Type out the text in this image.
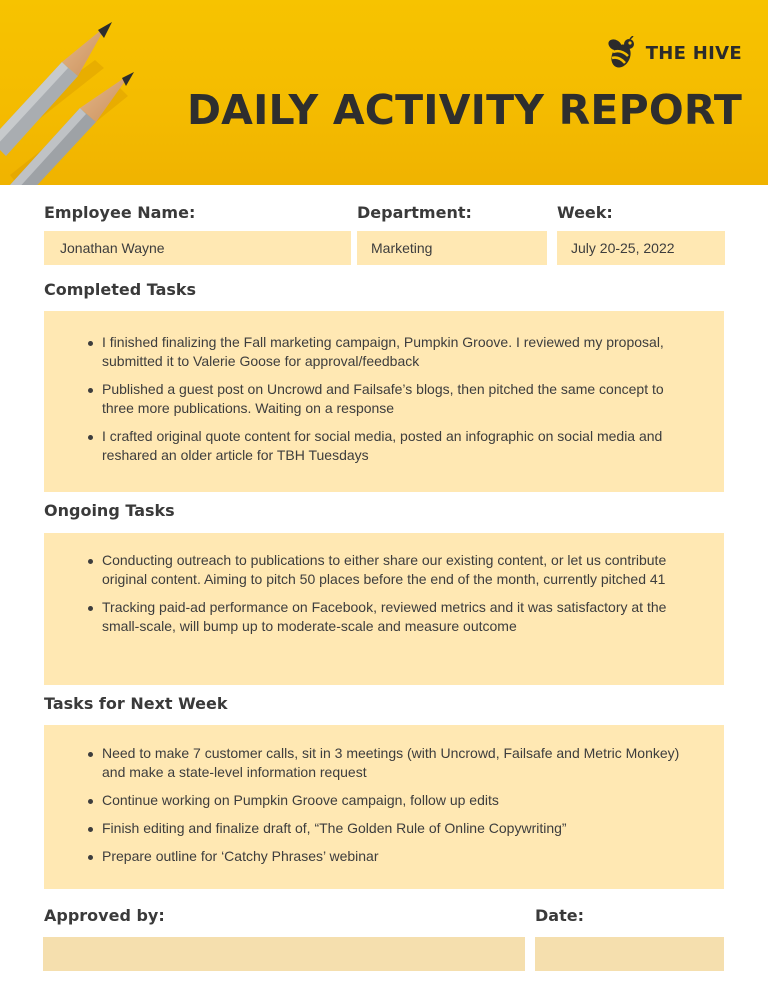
THE HIVE
DAILY ACTIVITY REPORT
Employee Name:	Department:	Week:
Jonathan Wayne	Marketing	July 20-25, 2022
Completed Tasks
I finished finalizing the Fall marketing campaign, Pumpkin Groove. I reviewed my proposal, submitted it to Valerie Goose for approval/feedback
Published a guest post on Uncrowd and Failsafe’s blogs, then pitched the same concept to three more publications. Waiting on a response
I crafted original quote content for social media, posted an infographic on social media and reshared an older article for TBH Tuesdays
Ongoing Tasks
Conducting outreach to publications to either share our existing content, or let us contribute original content. Aiming to pitch 50 places before the end of the month, currently pitched 41
Tracking paid-ad performance on Facebook, reviewed metrics and it was satisfactory at the small-scale, will bump up to moderate-scale and measure outcome
Tasks for Next Week
Need to make 7 customer calls, sit in 3 meetings (with Uncrowd, Failsafe and Metric Monkey) and make a state-level information request
Continue working on Pumpkin Groove campaign, follow up edits
Finish editing and finalize draft of, “The Golden Rule of Online Copywriting”
Prepare outline for ‘Catchy Phrases’ webinar
Approved by:	Date:
